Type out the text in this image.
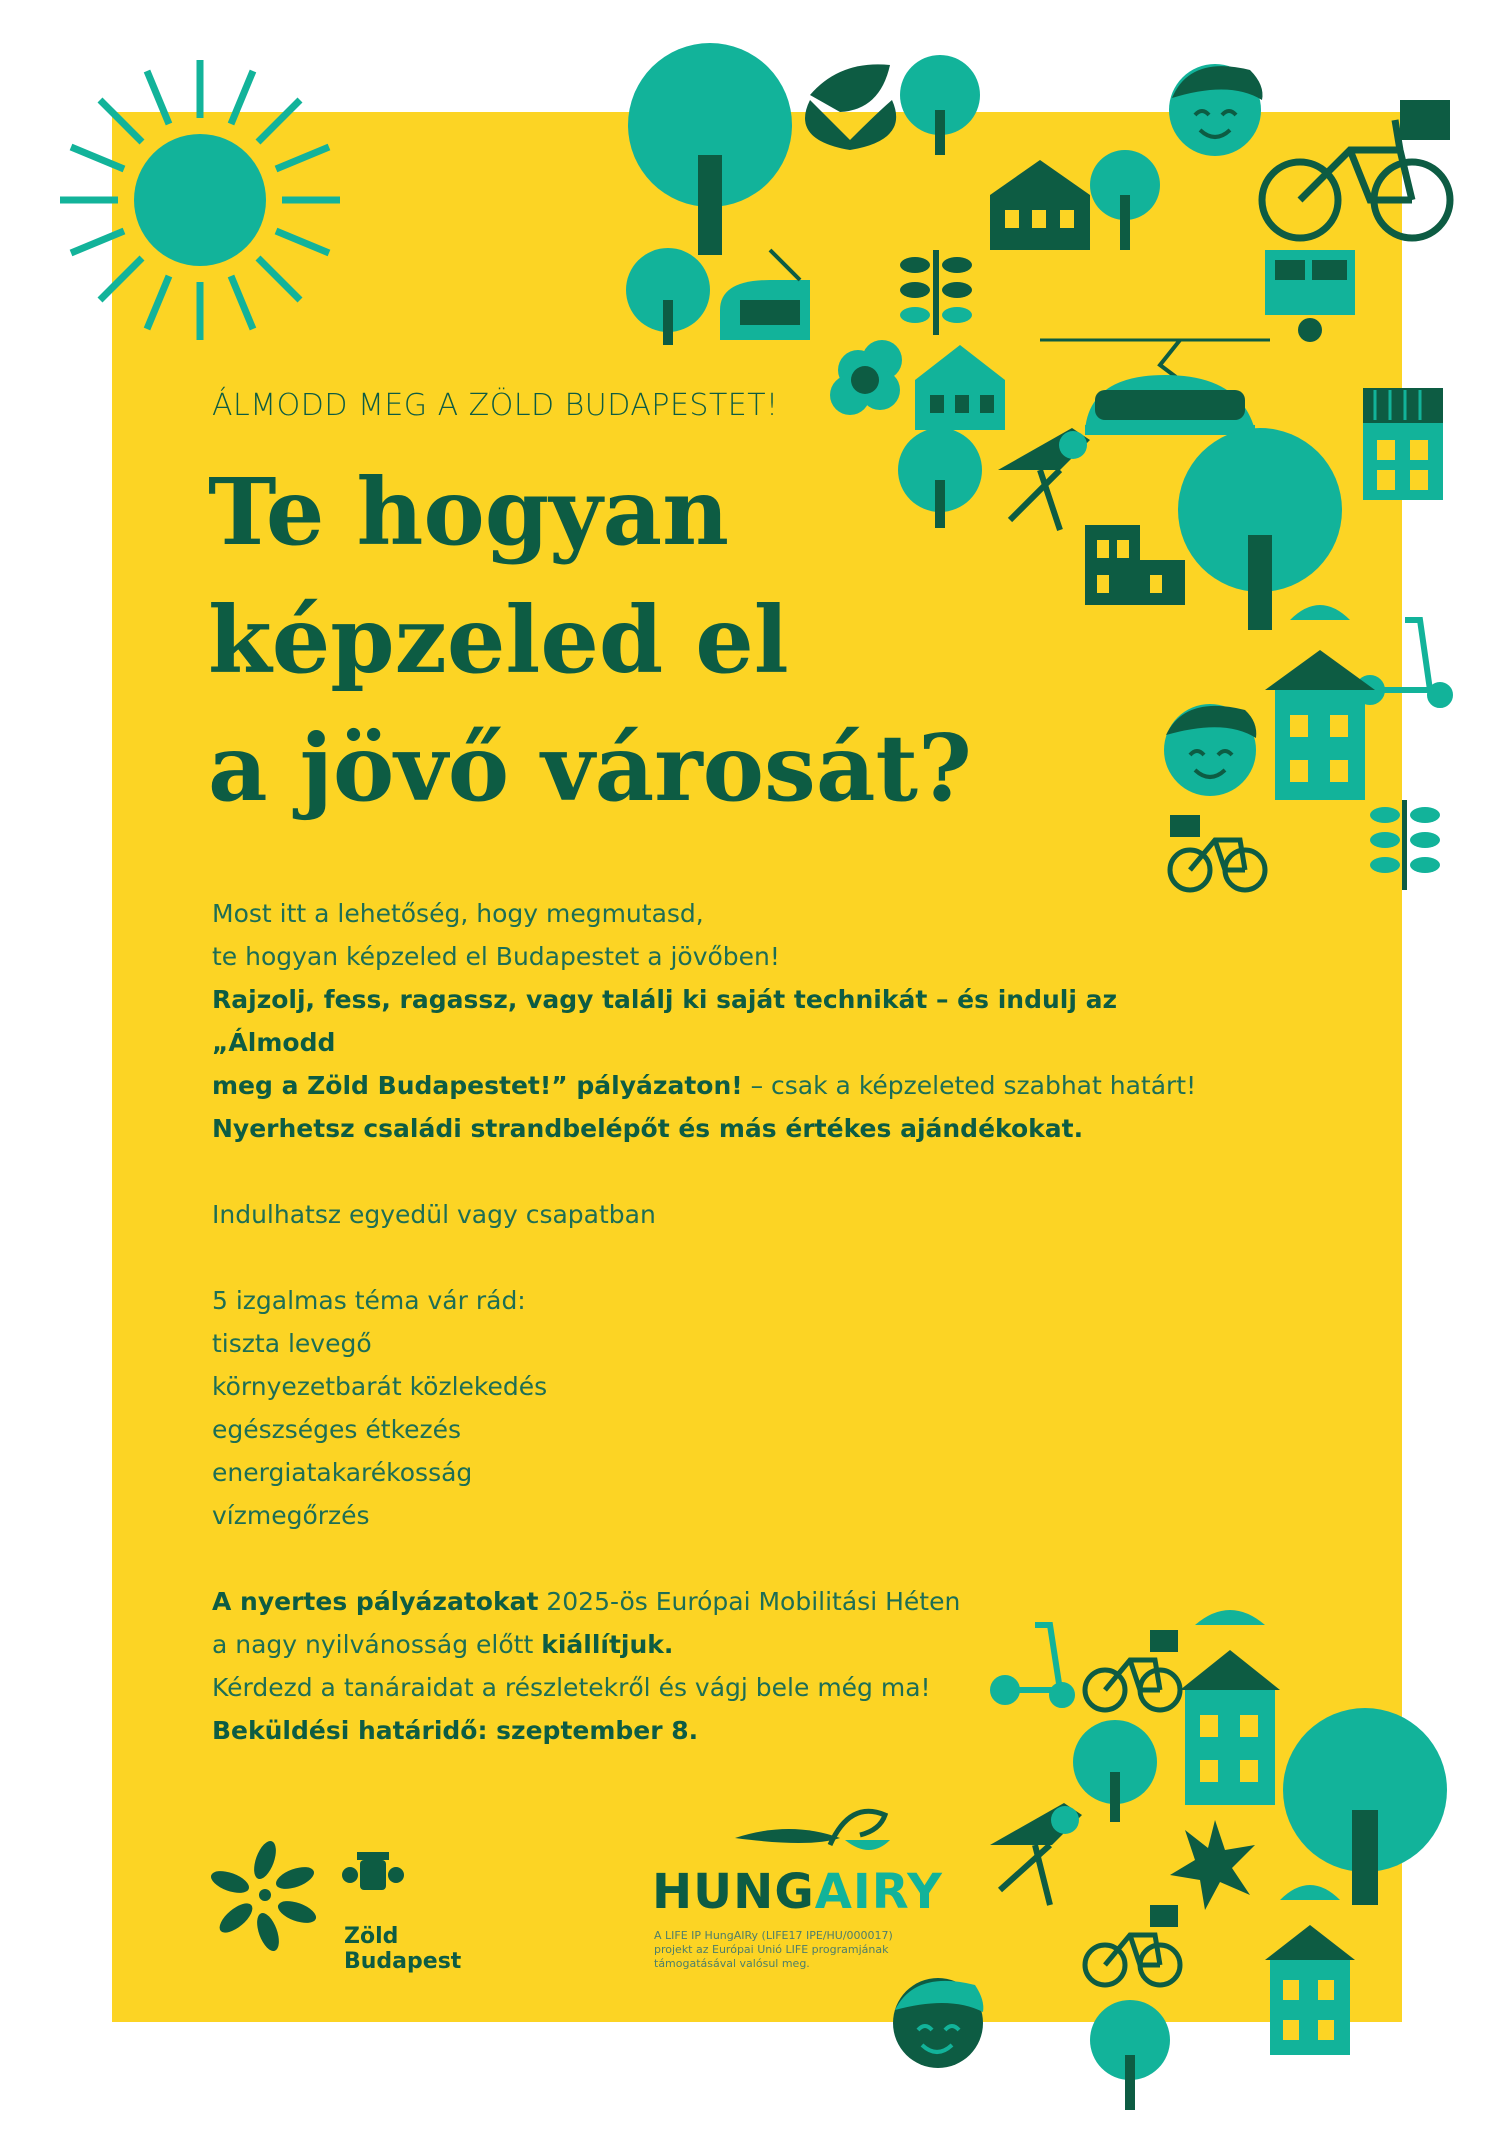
ÁLMODD MEG A ZÖLD BUDAPESTET!
Te hogyan
képzeled el
a jövő városát?

Most itt a lehetőség, hogy megmutasd,

te hogyan képzeled el Budapestet a jövőben!

Rajzolj, fess, ragassz, vagy találj ki saját technikát – és indulj az „Álmodd

meg a Zöld Budapestet!” pályázaton! – csak a képzeleted szabhat határt!

Nyerhetsz családi strandbelépőt és más értékes ajándékokat.

Indulhatsz egyedül vagy csapatban

5 izgalmas téma vár rád:

tiszta levegő

környezetbarát közlekedés

egészséges étkezés

energiatakarékosság

vízmegőrzés

A nyertes pályázatokat 2025-ös Európai Mobilitási Héten

a nagy nyilvánosság előtt kiállítjuk.

Kérdezd a tanáraidat a részletekről és vágj bele még ma!

Beküldési határidő: szeptember 8.

Zöld
Budapest
HUNGAIRY
A LIFE IP HungAIRy (LIFE17 IPE/HU/000017) projekt az Európai Unió LIFE programjának támogatásával valósul meg.
